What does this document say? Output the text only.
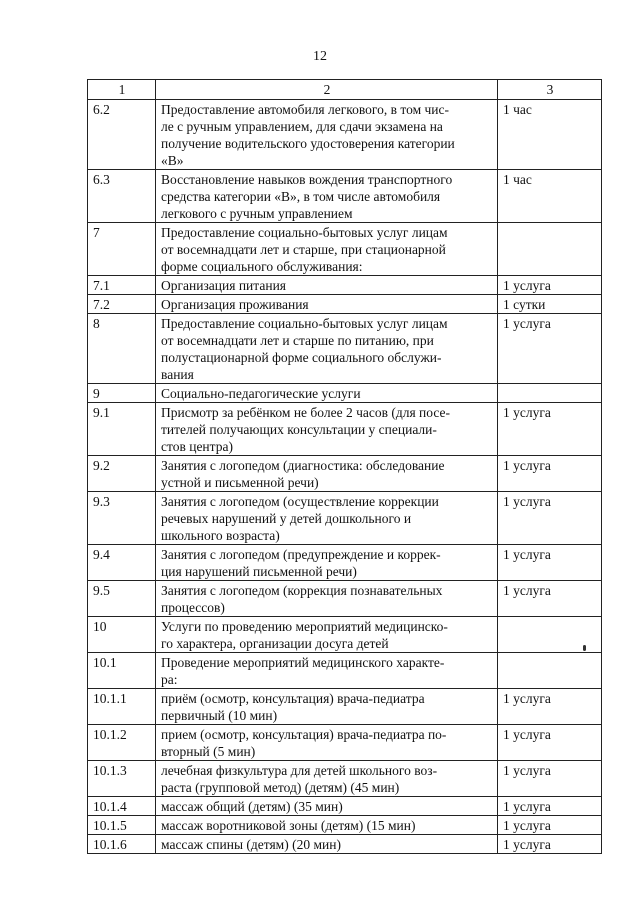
12
1	2	3
6.2	Предоставление автомобиля легкового, в том чис-
ле с ручным управлением, для сдачи экзамена на
получение водительского удостоверения категории
«В»	1 час
6.3	Восстановление навыков вождения транспортного
средства категории «В», в том числе автомобиля
легкового с ручным управлением	1 час
7	Предоставление социально-бытовых услуг лицам
от восемнадцати лет и старше, при стационарной
форме социального обслуживания:	
7.1	Организация питания	1 услуга
7.2	Организация проживания	1 сутки
8	Предоставление социально-бытовых услуг лицам
от восемнадцати лет и старше по питанию, при
полустационарной форме социального обслужи-
вания	1 услуга
9	Социально-педагогические услуги	
9.1	Присмотр за ребёнком не более 2 часов (для посе-
тителей получающих консультации у специали-
стов центра)	1 услуга
9.2	Занятия с логопедом (диагностика: обследование
устной и письменной речи)	1 услуга
9.3	Занятия с логопедом (осуществление коррекции
речевых нарушений у детей дошкольного и
школьного возраста)	1 услуга
9.4	Занятия с логопедом (предупреждение и коррек-
ция нарушений письменной речи)	1 услуга
9.5	Занятия с логопедом (коррекция познавательных
процессов)	1 услуга
10	Услуги по проведению мероприятий медицинско-
го характера, организации досуга детей	
10.1	Проведение мероприятий медицинского характе-
ра:	
10.1.1	приём (осмотр, консультация) врача-педиатра
первичный (10 мин)	1 услуга
10.1.2	прием (осмотр, консультация) врача-педиатра по-
вторный (5 мин)	1 услуга
10.1.3	лечебная физкультура для детей школьного воз-
раста (групповой метод) (детям) (45 мин)	1 услуга
10.1.4	массаж общий (детям) (35 мин)	1 услуга
10.1.5	массаж воротниковой зоны (детям) (15 мин)	1 услуга
10.1.6	массаж спины (детям) (20 мин)	1 услуга
